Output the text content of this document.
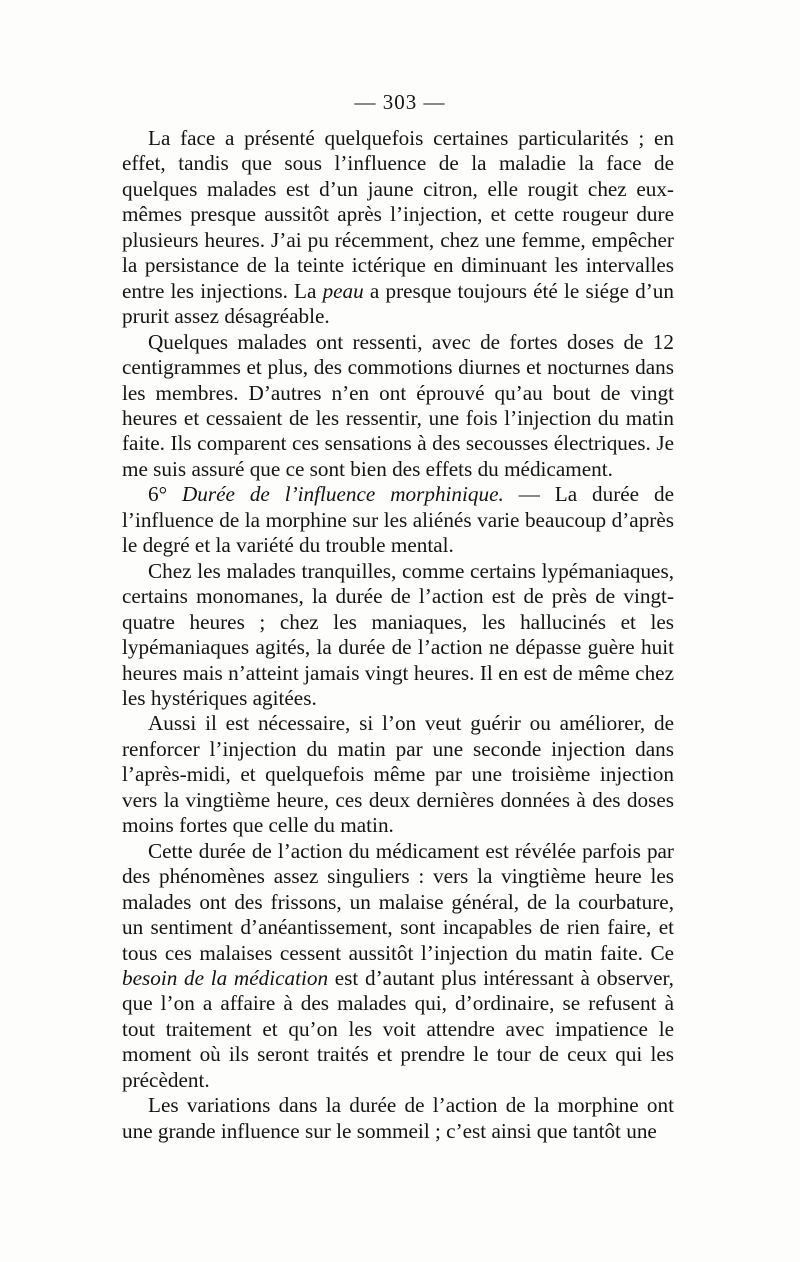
— 303 —

La face a présenté quelquefois certaines particularités ; en effet, tandis que sous l’influence de la maladie la face de quelques malades est d’un jaune citron, elle rougit chez eux-mêmes presque aussitôt après l’injection, et cette rougeur dure plusieurs heures. J’ai pu récemment, chez une femme, empêcher la persistance de la teinte ictérique en diminuant les intervalles entre les injections. La peau a presque toujours été le siége d’un prurit assez désagréable.

Quelques malades ont ressenti, avec de fortes doses de 12 centigrammes et plus, des commotions diurnes et nocturnes dans les membres. D’autres n’en ont éprouvé qu’au bout de vingt heures et cessaient de les ressentir, une fois l’injection du matin faite. Ils comparent ces sensations à des secousses électriques. Je me suis assuré que ce sont bien des effets du médicament.

6° Durée de l’influence morphinique. — La durée de l’influence de la morphine sur les aliénés varie beaucoup d’après le degré et la variété du trouble mental.

Chez les malades tranquilles, comme certains lypémaniaques, certains monomanes, la durée de l’action est de près de vingt-quatre heures ; chez les maniaques, les hallucinés et les lypémaniaques agités, la durée de l’action ne dépasse guère huit heures mais n’atteint jamais vingt heures. Il en est de même chez les hystériques agitées.

Aussi il est nécessaire, si l’on veut guérir ou améliorer, de renforcer l’injection du matin par une seconde injection dans l’après-midi, et quelquefois même par une troisième injection vers la vingtième heure, ces deux dernières données à des doses moins fortes que celle du matin.

Cette durée de l’action du médicament est révélée parfois par des phénomènes assez singuliers : vers la vingtième heure les malades ont des frissons, un malaise général, de la courbature, un sentiment d’anéantissement, sont incapables de rien faire, et tous ces malaises cessent aussitôt l’injection du matin faite. Ce besoin de la médication est d’autant plus intéressant à observer, que l’on a affaire à des malades qui, d’ordinaire, se refusent à tout traitement et qu’on les voit attendre avec impatience le moment où ils seront traités et prendre le tour de ceux qui les précèdent.

Les variations dans la durée de l’action de la morphine ont une grande influence sur le sommeil ; c’est ainsi que tantôt une
